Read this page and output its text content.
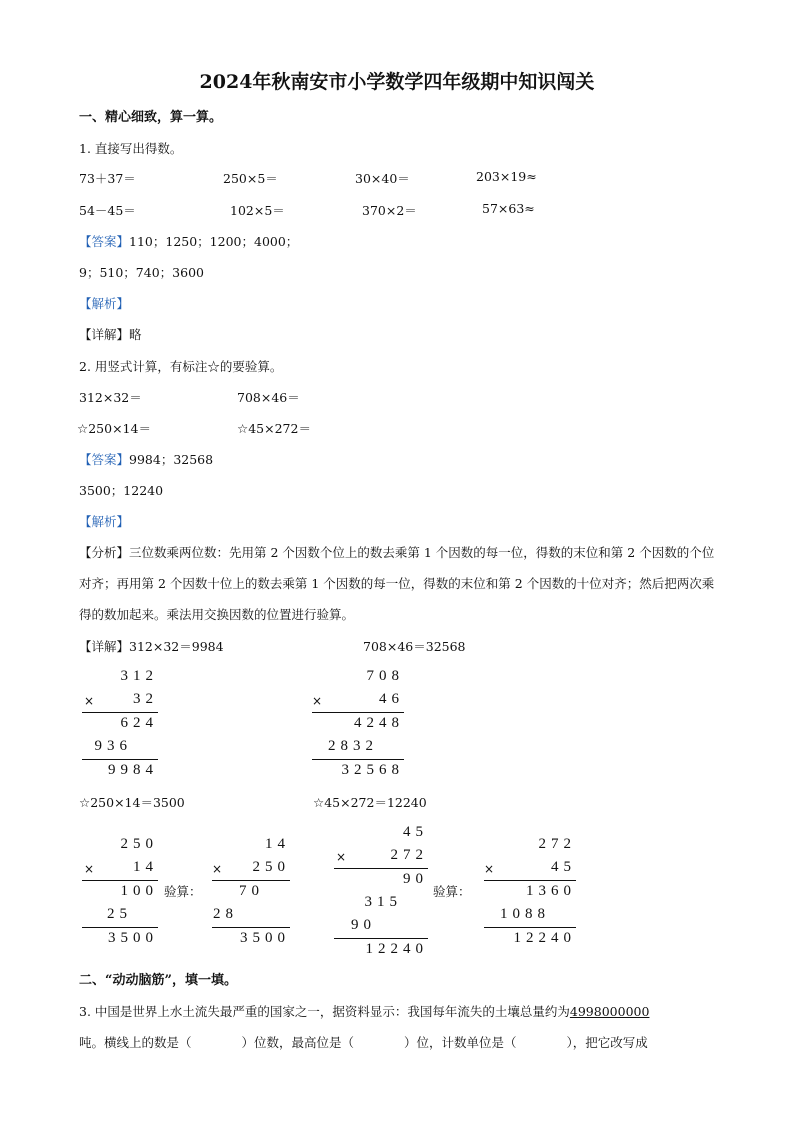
2024年秋南安市小学数学四年级期中知识闯关
一、精心细致，算一算。
1. 直接写出得数。
73＋37＝	250×5＝	30×40＝	203×19≈
54－45＝	102×5＝	370×2＝	57×63≈
【答案】110；1250；1200；4000；
9；510；740；3600
【解析】
【详解】略
2. 用竖式计算，有标注☆的要验算。
312×32＝	708×46＝
☆250×14＝	☆45×272＝
【答案】9984；32568
3500；12240
【解析】
【分析】三位数乘两位数：先用第 2 个因数个位上的数去乘第 1 个因数的每一位，得数的末位和第 2 个因数的个位对齐；再用第 2 个因数十位上的数去乘第 1 个因数的每一位，得数的末位和第 2 个因数的十位对齐；然后把两次乘得的数加起来。乘法用交换因数的位置进行验算。
【详解】312×32＝9984	708×46＝32568
312
×	32
624
936
9984
708
×	46
4248
2832
32568
☆250×14＝3500	☆45×272＝12240
250
×	14
100
25
3500
验算：
14
× 250
70
28
3500
45
×	272
90
315
90
12240
验算：
272
×	45
1360
1088
12240
二、“动动脑筋”，填一填。
3. 中国是世界上水土流失最严重的国家之一，据资料显示：我国每年流失的土壤总量约为4998000000
吨。横线上的数是（　　　　）位数，最高位是（　　　　）位，计数单位是（　　　　），把它改写成
